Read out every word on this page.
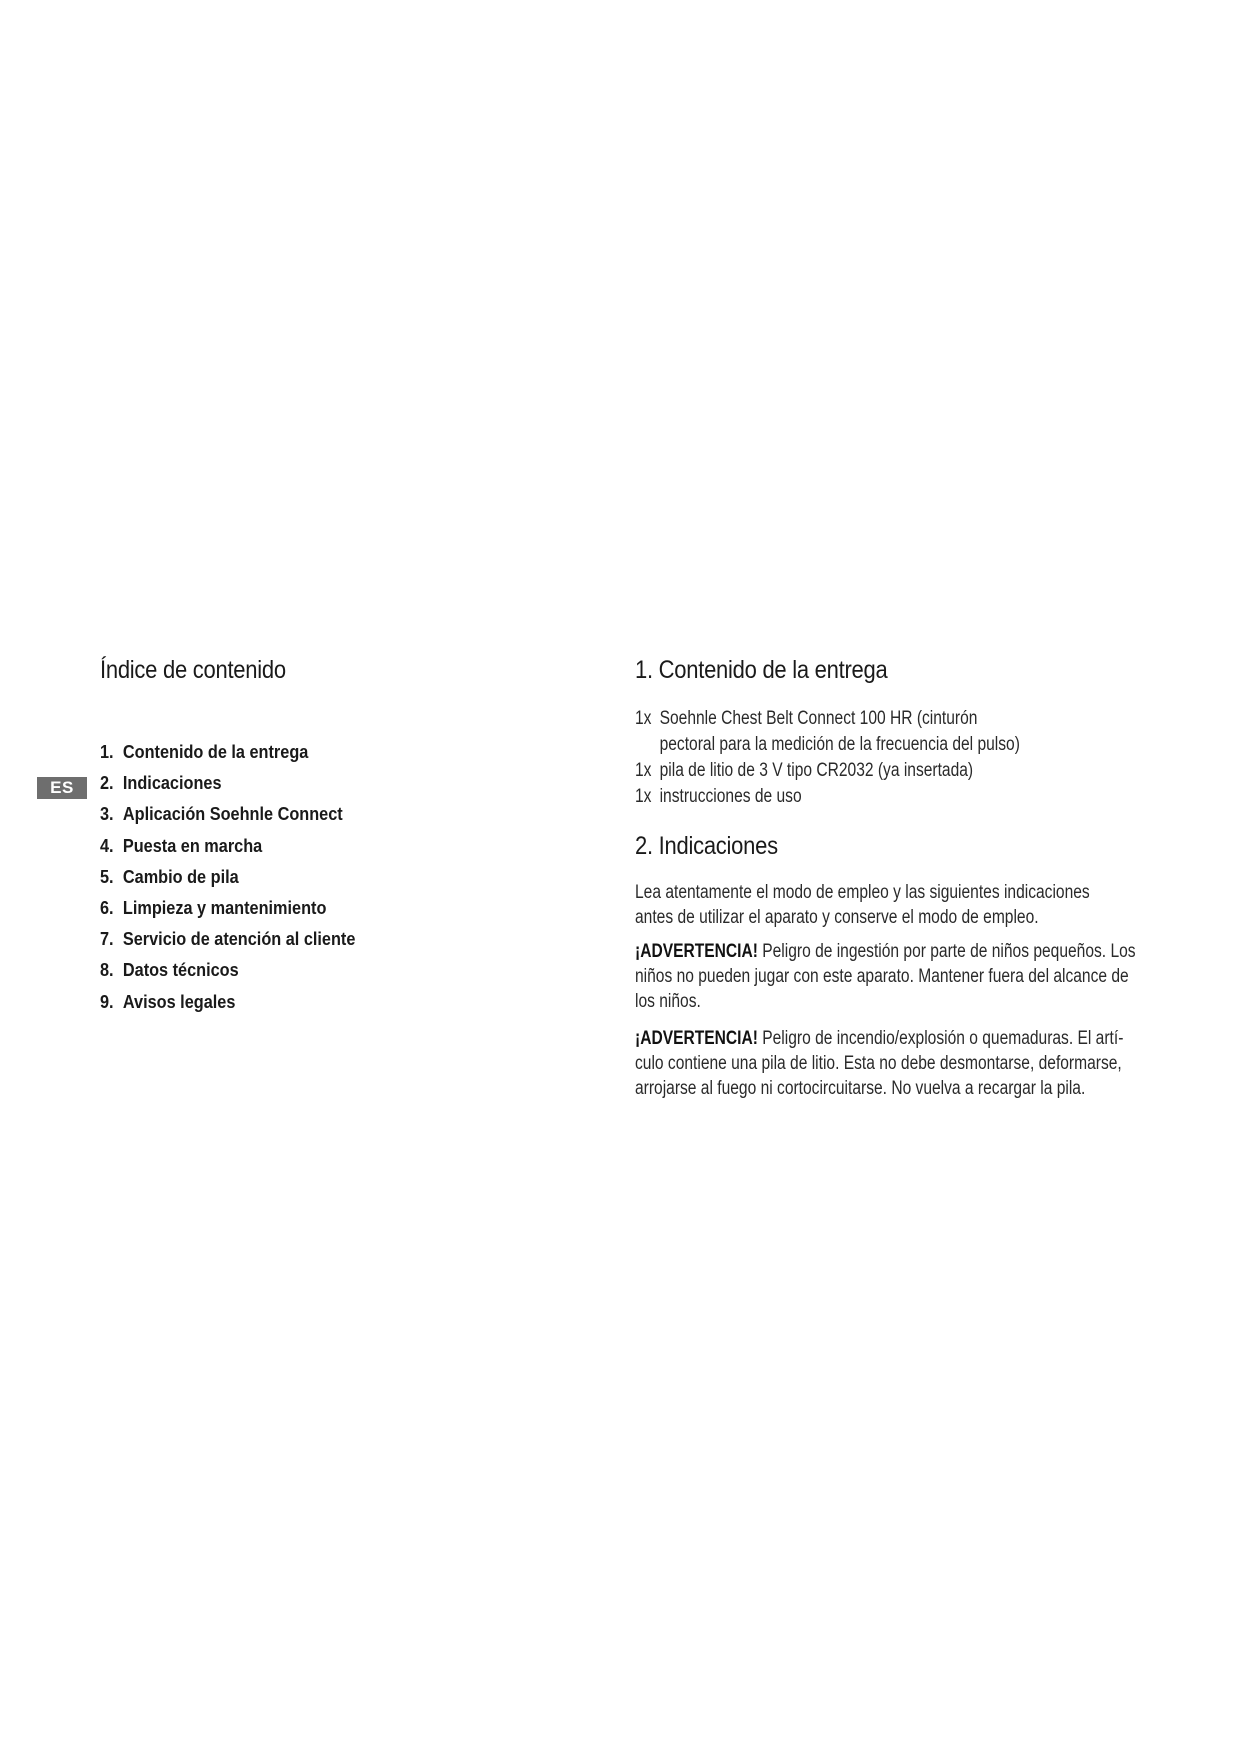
ES
Índice de contenido
1. Contenido de la entrega
2. Indicaciones
3. Aplicación Soehnle Connect
4. Puesta en marcha
5. Cambio de pila
6. Limpieza y mantenimiento
7. Servicio de atención al cliente
8. Datos técnicos
9. Avisos legales
1. Contenido de la entrega
1x Soehnle Chest Belt Connect 100 HR (cinturón
pectoral para la medición de la frecuencia del pulso)
1x pila de litio de 3 V tipo CR2032 (ya insertada)
1x instrucciones de uso
2. Indicaciones
Lea atentamente el modo de empleo y las siguientes indicaciones
antes de utilizar el aparato y conserve el modo de empleo.
¡ADVERTENCIA! Peligro de ingestión por parte de niños pequeños. Los
niños no pueden jugar con este aparato. Mantener fuera del alcance de
los niños.
¡ADVERTENCIA! Peligro de incendio/explosión o quemaduras. El artí-
culo contiene una pila de litio. Esta no debe desmontarse, deformarse,
arrojarse al fuego ni cortocircuitarse. No vuelva a recargar la pila.
